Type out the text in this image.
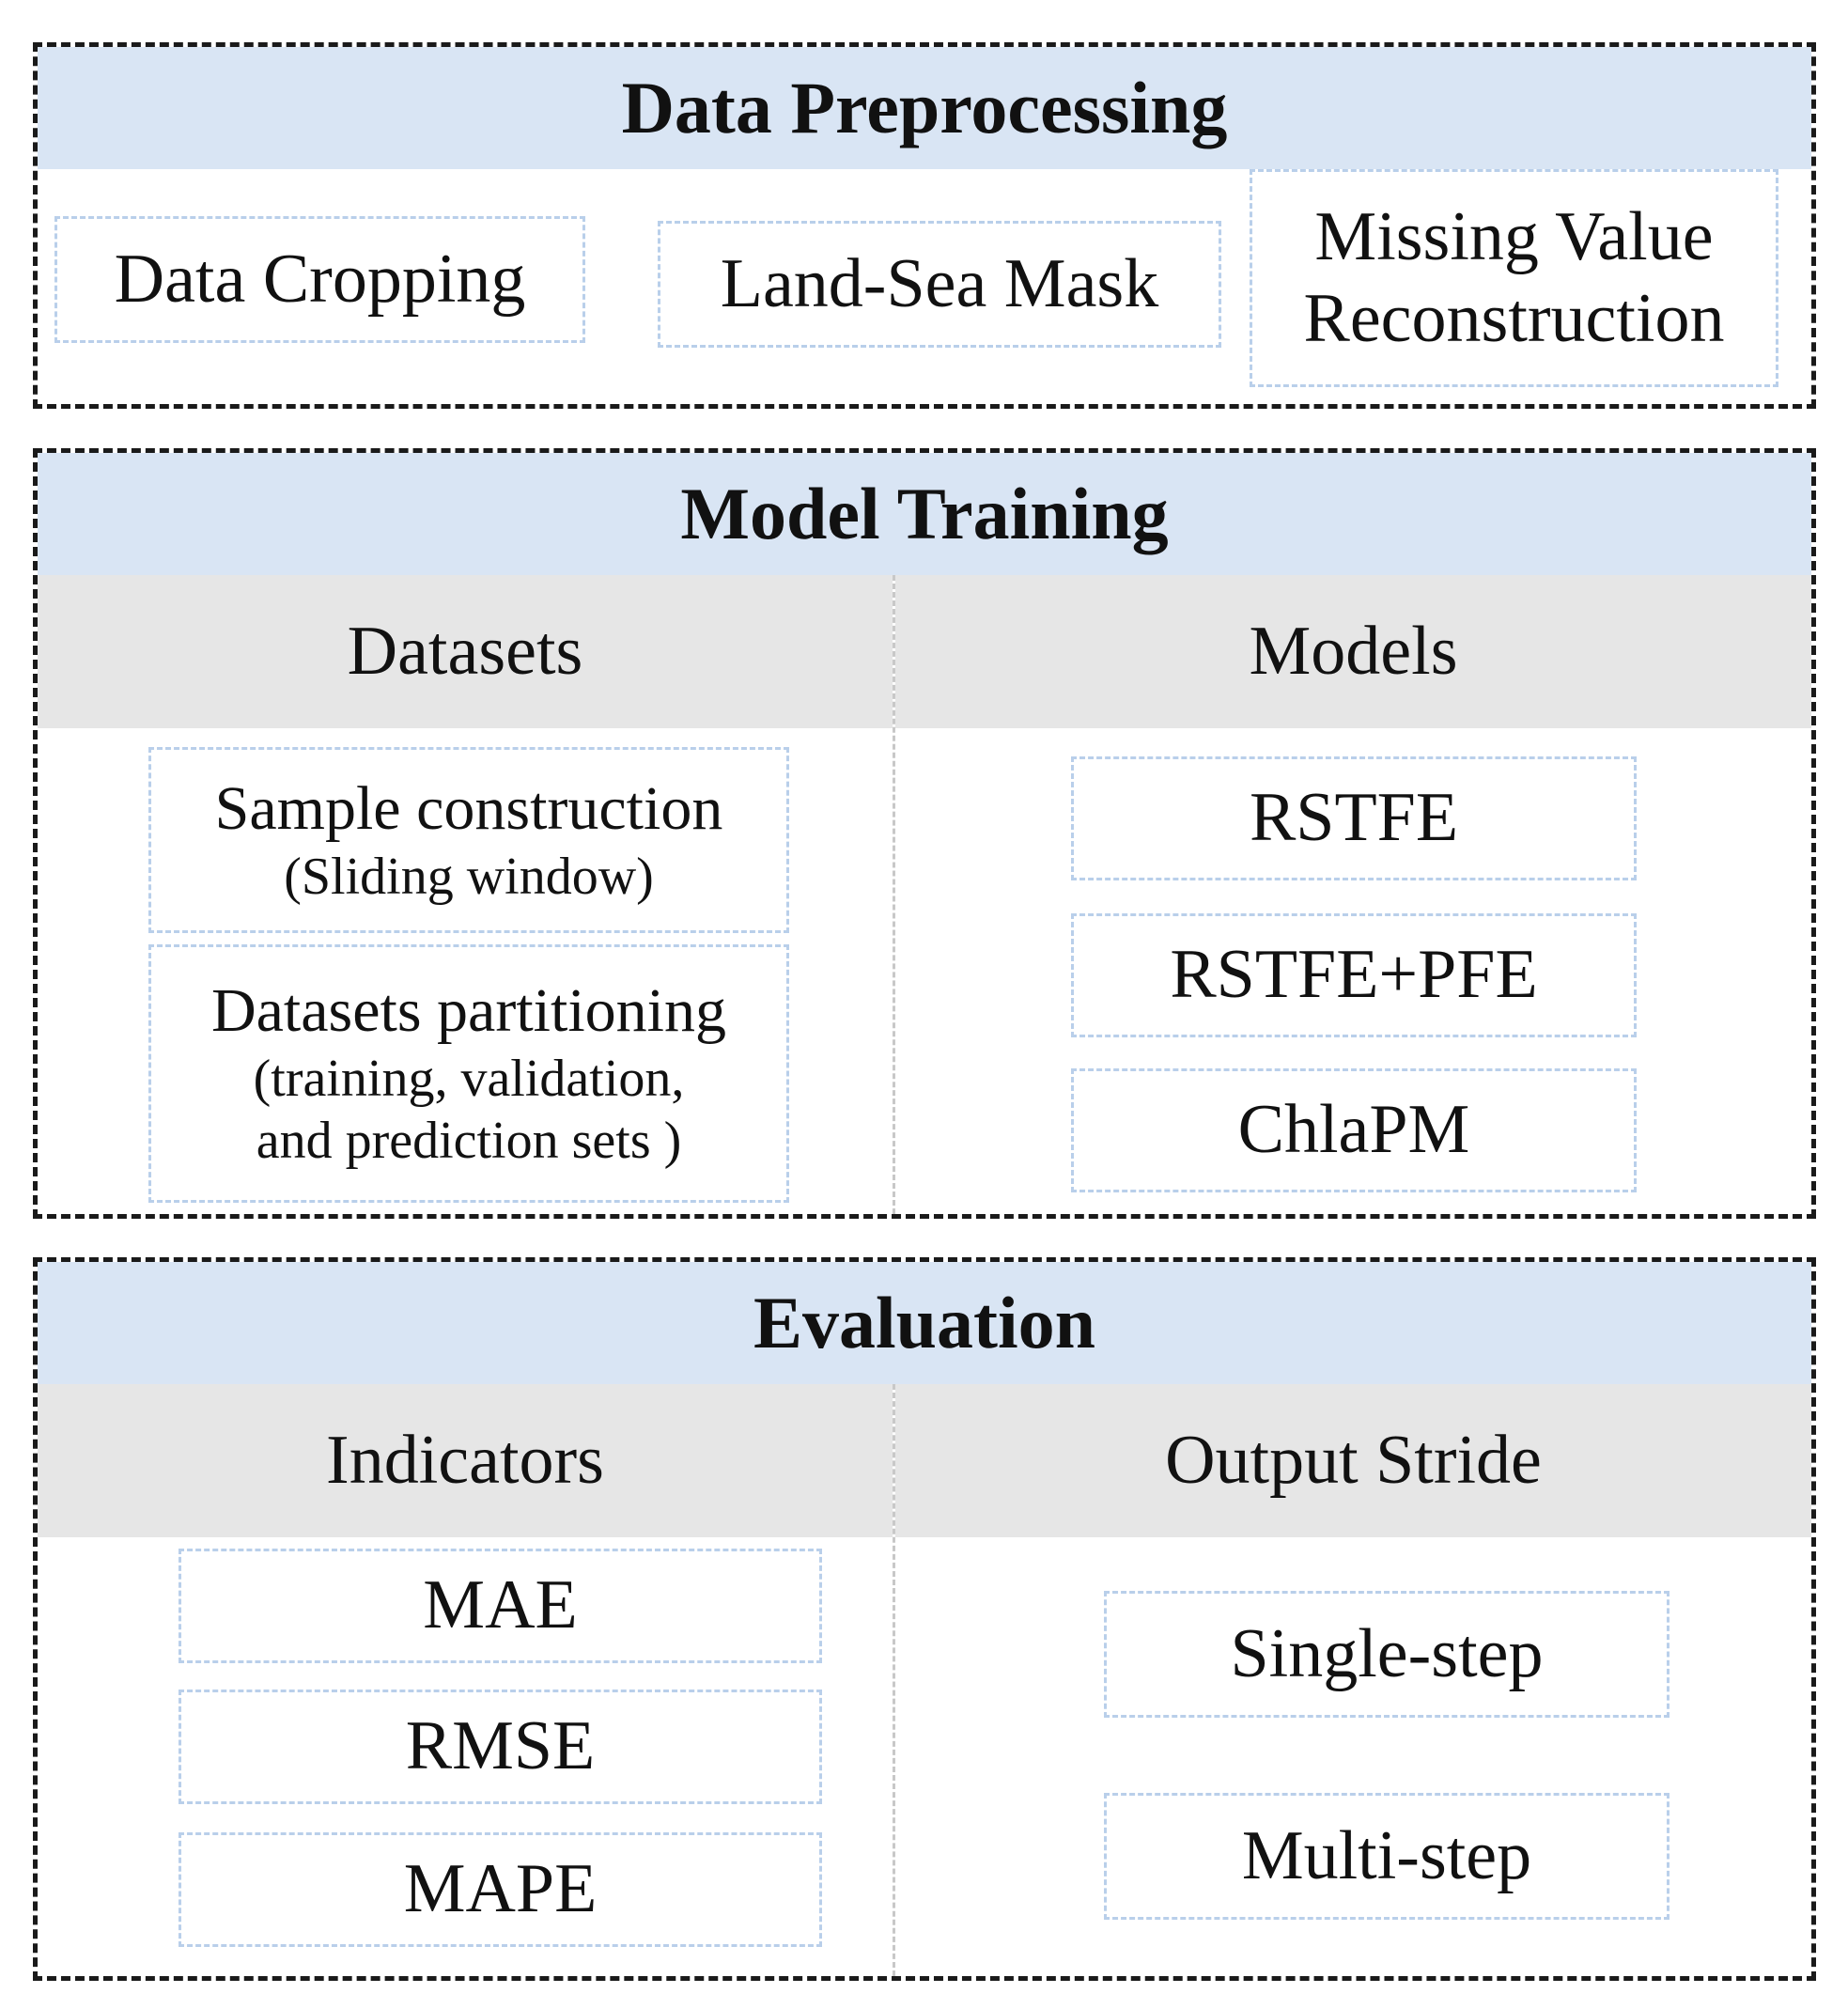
Data Preprocessing
Data Cropping	Land-Sea Mask
Missing Value
Reconstruction
Model Training
Datasets	Models
Sample construction
(Sliding window)
Datasets partitioning
(training, validation,
and prediction sets )
RSTFE
RSTFE+PFE
ChlaPM
Evaluation
Indicators	Output Stride
MAE
RMSE
MAPE
Single-step
Multi-step
